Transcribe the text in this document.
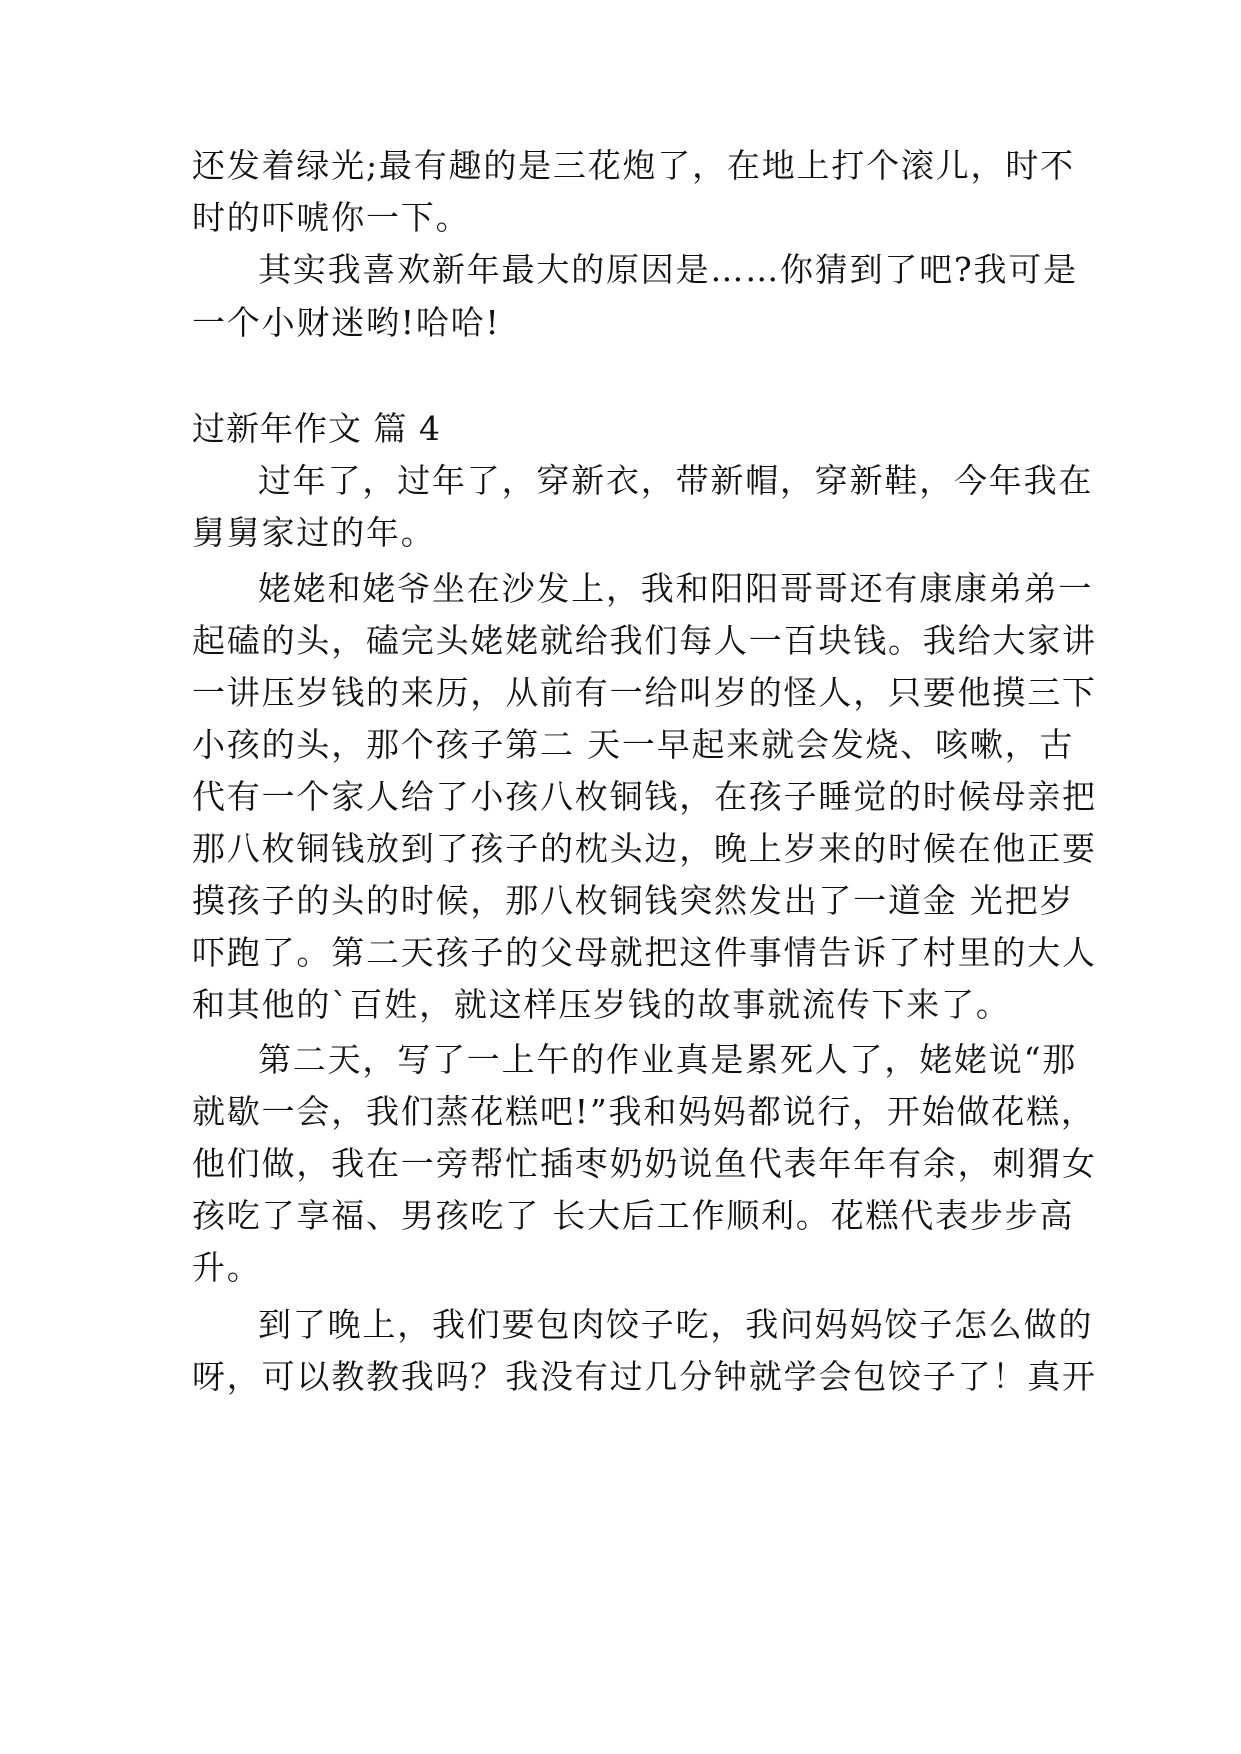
还发着绿光;最有趣的是三花炮了，在地上打个滚儿，时不
时的吓唬你一下。
其实我喜欢新年最大的原因是……你猜到了吧?我可是
一个小财迷哟!哈哈!
过新年作文 篇 4
过年了，过年了，穿新衣，带新帽，穿新鞋，今年我在
舅舅家过的年。
姥姥和姥爷坐在沙发上，我和阳阳哥哥还有康康弟弟一
起磕的头，磕完头姥姥就给我们每人一百块钱。我给大家讲
一讲压岁钱的来历，从前有一给叫岁的怪人，只要他摸三下
小孩的头，那个孩子第二 天一早起来就会发烧、咳嗽，古
代有一个家人给了小孩八枚铜钱，在孩子睡觉的时候母亲把
那八枚铜钱放到了孩子的枕头边，晚上岁来的时候在他正要
摸孩子的头的时候，那八枚铜钱突然发出了一道金 光把岁
吓跑了。第二天孩子的父母就把这件事情告诉了村里的大人
和其他的`百姓，就这样压岁钱的故事就流传下来了。
第二天，写了一上午的作业真是累死人了，姥姥说“那
就歇一会，我们蒸花糕吧!”我和妈妈都说行，开始做花糕，
他们做，我在一旁帮忙插枣奶奶说鱼代表年年有余，刺猬女
孩吃了享福、男孩吃了 长大后工作顺利。花糕代表步步高
升。
到了晚上，我们要包肉饺子吃，我问妈妈饺子怎么做的
呀，可以教教我吗？我没有过几分钟就学会包饺子了！真开
